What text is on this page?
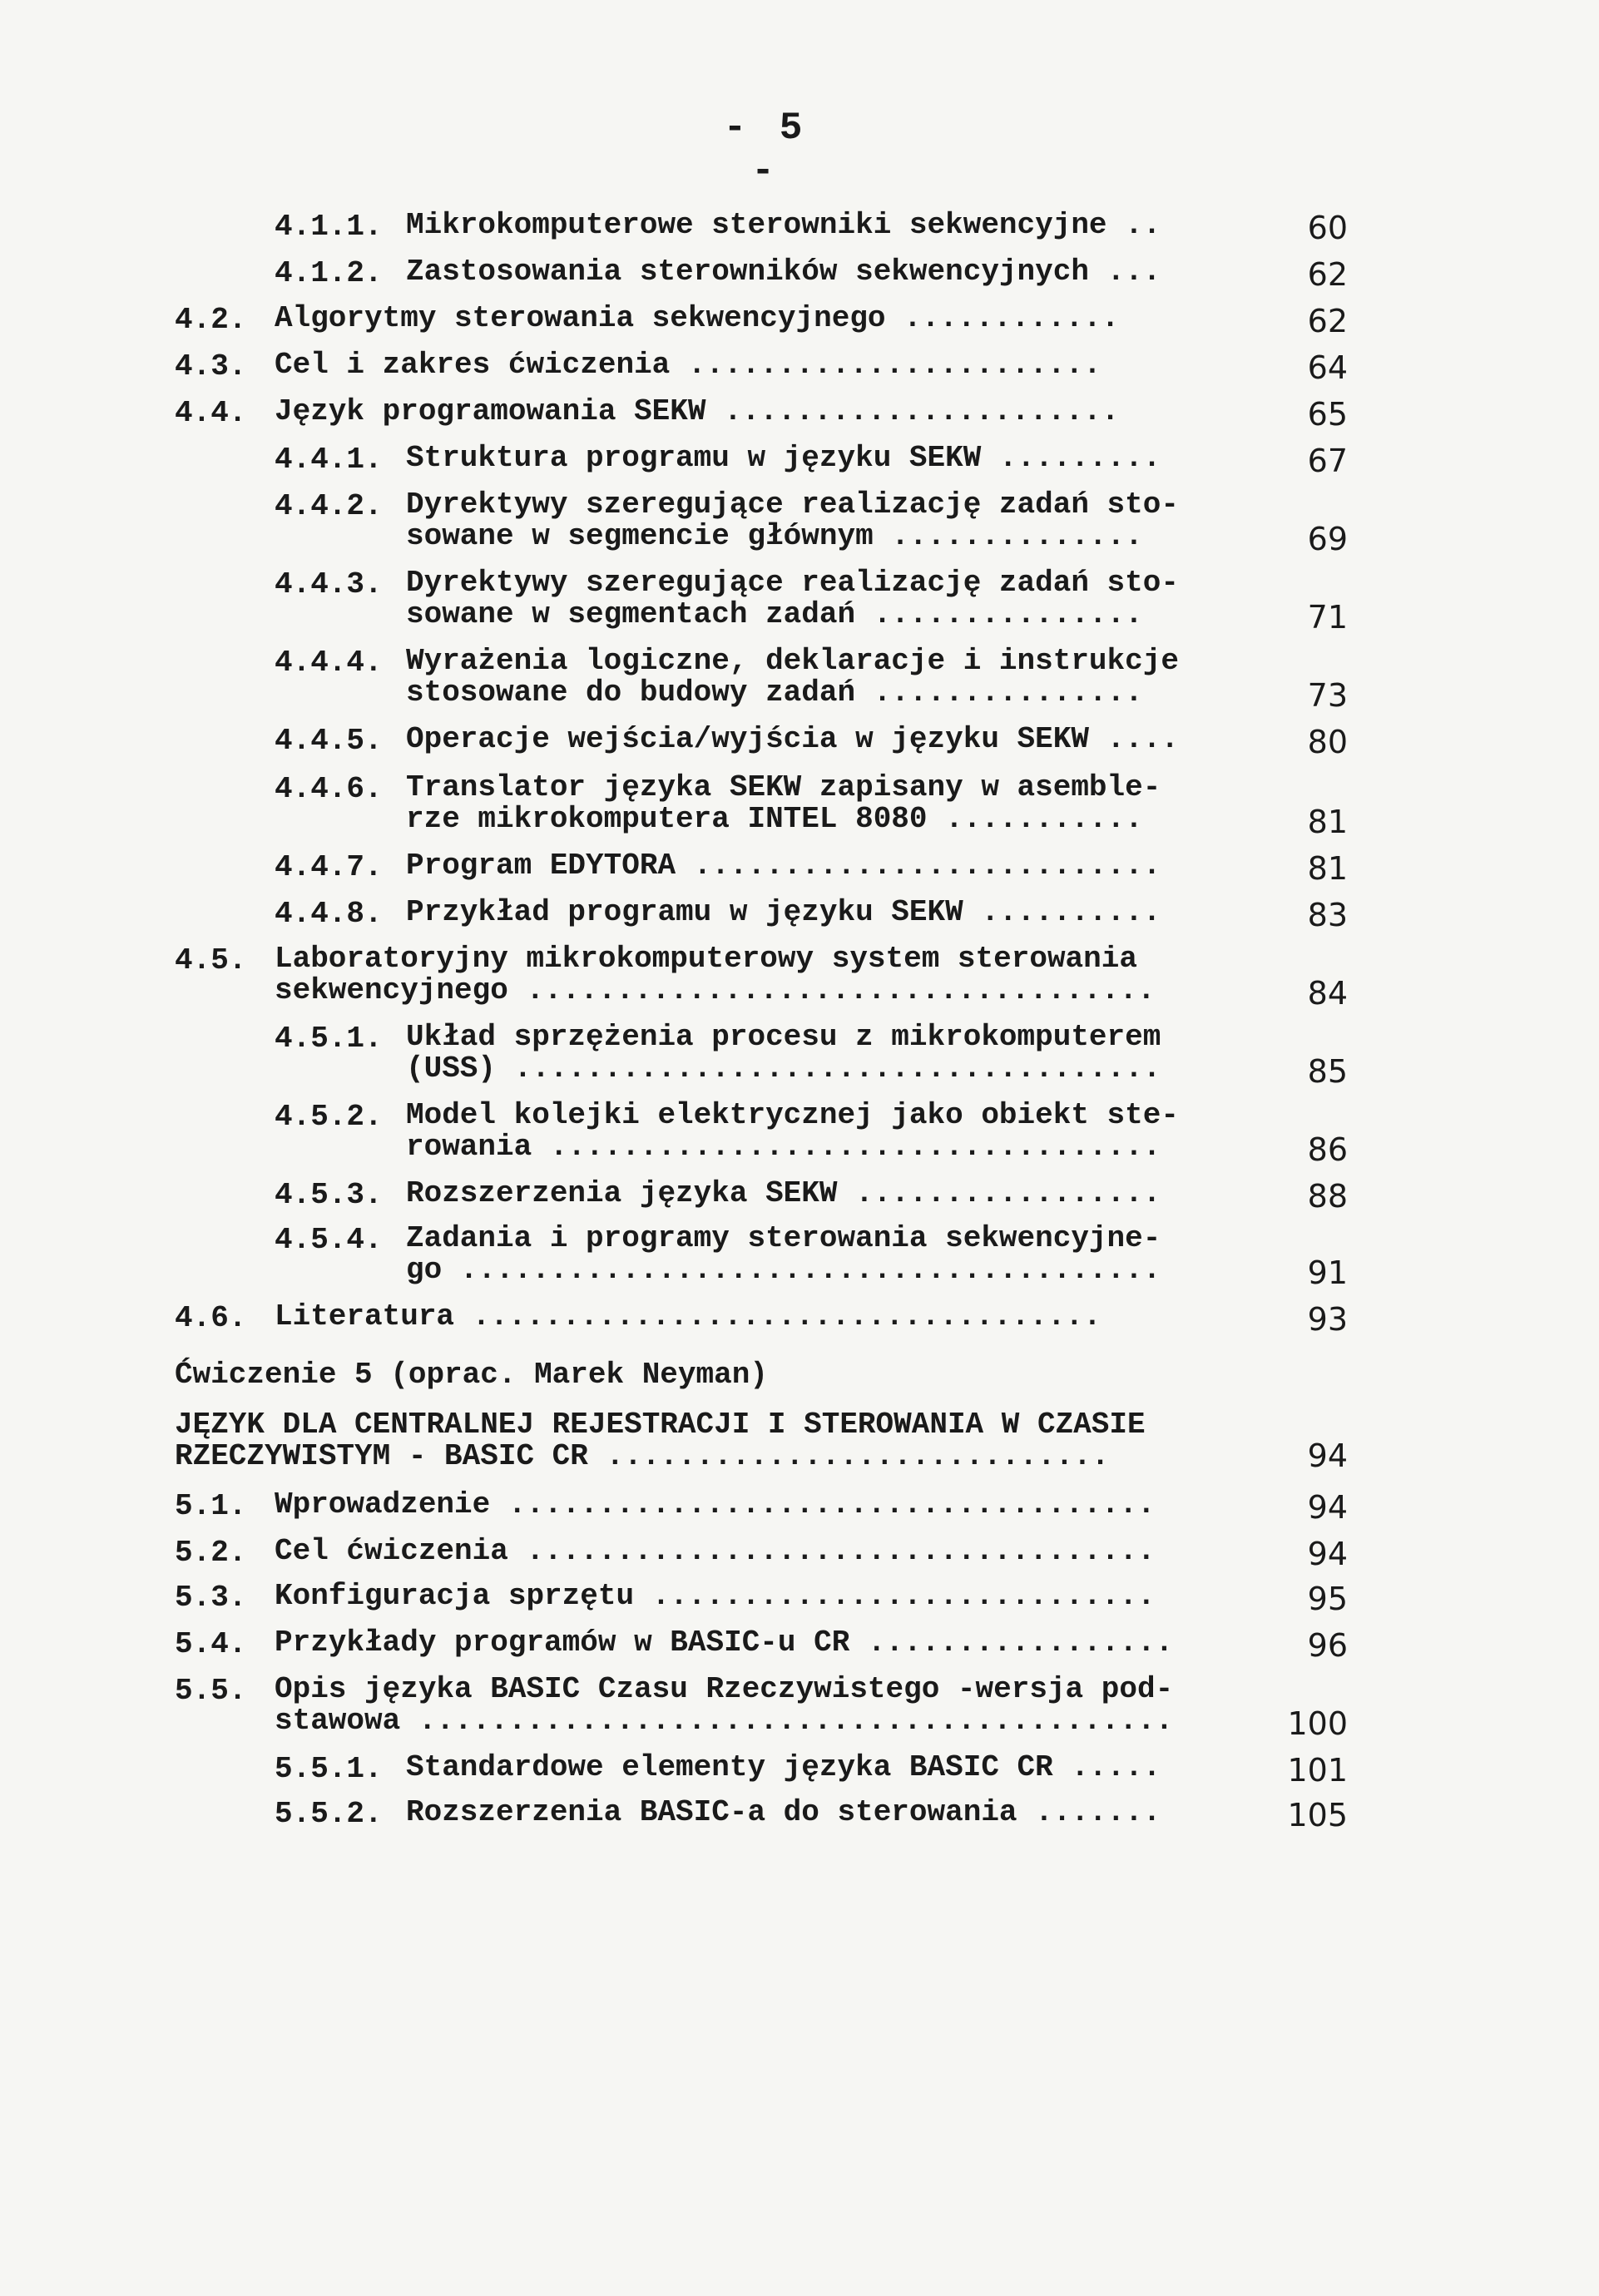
- 5 -
4.1.1. Mikrokomputerowe sterowniki sekwencyjne ..	60
4.1.2. Zastosowania sterowników sekwencyjnych ...	62
4.2. Algorytmy sterowania sekwencyjnego ............	62
4.3. Cel i zakres ćwiczenia .......................	64
4.4. Język programowania SEKW ......................	65
4.4.1. Struktura programu w języku SEKW .........	67
4.4.2. Dyrektywy szeregujące realizację zadań sto-
sowane w segmencie głównym ..............	69
4.4.3. Dyrektywy szeregujące realizację zadań sto-
sowane w segmentach zadań ...............	71
4.4.4. Wyrażenia logiczne, deklaracje i instrukcje
stosowane do budowy zadań ...............	73
4.4.5. Operacje wejścia/wyjścia w języku SEKW ....	80
4.4.6. Translator języka SEKW zapisany w asemble-
rze mikrokomputera INTEL 8080 ...........	81
4.4.7. Program EDYTORA ..........................	81
4.4.8. Przykład programu w języku SEKW ..........	83
4.5. Laboratoryjny mikrokomputerowy system sterowania
sekwencyjnego ...................................	84
4.5.1. Układ sprzężenia procesu z mikrokomputerem
(USS) ....................................	85
4.5.2. Model kolejki elektrycznej jako obiekt ste-
rowania ..................................	86
4.5.3. Rozszerzenia języka SEKW .................	88
4.5.4. Zadania i programy sterowania sekwencyjne-
go .......................................	91
4.6. Literatura ...................................	93
Ćwiczenie 5 (oprac. Marek Neyman)
JĘZYK DLA CENTRALNEJ REJESTRACJI I STEROWANIA W CZASIE
RZECZYWISTYM - BASIC CR ............................	94
5.1. Wprowadzenie ....................................	94
5.2. Cel ćwiczenia ...................................	94
5.3. Konfiguracja sprzętu ............................	95
5.4. Przykłady programów w BASIC-u CR .................	96
5.5. Opis języka BASIC Czasu Rzeczywistego -wersja pod-
stawowa ..........................................	100
5.5.1. Standardowe elementy języka BASIC CR .....	101
5.5.2. Rozszerzenia BASIC-a do sterowania .......	105
